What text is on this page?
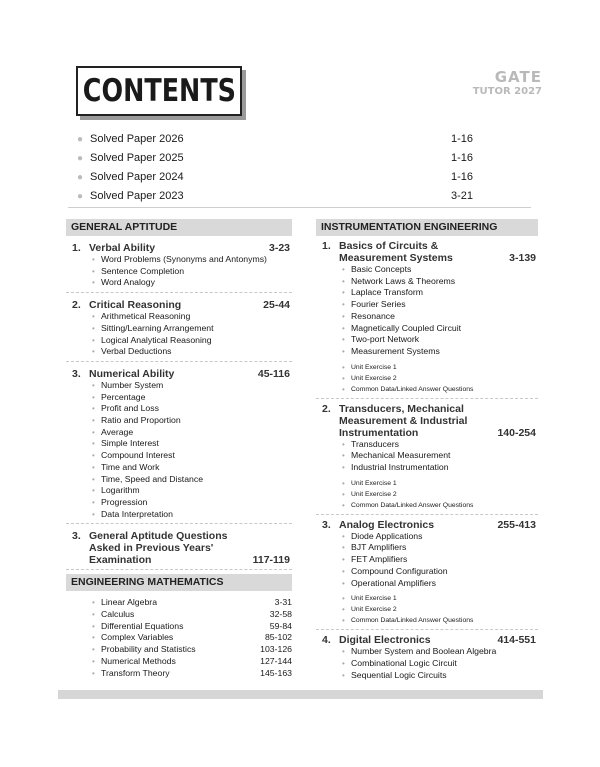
CONTENTS	GATE
TUTOR 2027
● Solved Paper 2026	1-16
● Solved Paper 2025	1-16
● Solved Paper 2024	1-16
● Solved Paper 2023	3-21
GENERAL APTITUDE
1. Verbal Ability	3-23
• Word Problems (Synonyms and Antonyms)
• Sentence Completion
• Word Analogy
2. Critical Reasoning	25-44
• Arithmetical Reasoning
• Sitting/Learning Arrangement
• Logical Analytical Reasoning
• Verbal Deductions
3. Numerical Ability	45-116
• Number System
• Percentage
• Profit and Loss
• Ratio and Proportion
• Average
• Simple Interest
• Compound Interest
• Time and Work
• Time, Speed and Distance
• Logarithm
• Progression
• Data Interpretation
3. General Aptitude Questions Asked in Previous Years' Examination	117-119
ENGINEERING MATHEMATICS
• Linear Algebra	3-31
• Calculus	32-58
• Differential Equations	59-84
• Complex Variables	85-102
• Probability and Statistics	103-126
• Numerical Methods	127-144
• Transform Theory	145-163
INSTRUMENTATION ENGINEERING
1. Basics of Circuits & Measurement Systems	3-139
• Basic Concepts
• Network Laws & Theorems
• Laplace Transform
• Fourier Series
• Resonance
• Magnetically Coupled Circuit
• Two-port Network
• Measurement Systems
• Unit Exercise 1
• Unit Exercise 2
• Common Data/Linked Answer Questions
2. Transducers, Mechanical Measurement & Industrial Instrumentation	140-254
• Transducers
• Mechanical Measurement
• Industrial Instrumentation
• Unit Exercise 1
• Unit Exercise 2
• Common Data/Linked Answer Questions
3. Analog Electronics	255-413
• Diode Applications
• BJT Amplifiers
• FET Amplifiers
• Compound Configuration
• Operational Amplifiers
• Unit Exercise 1
• Unit Exercise 2
• Common Data/Linked Answer Questions
4. Digital Electronics	414-551
• Number System and Boolean Algebra
• Combinational Logic Circuit
• Sequential Logic Circuits
